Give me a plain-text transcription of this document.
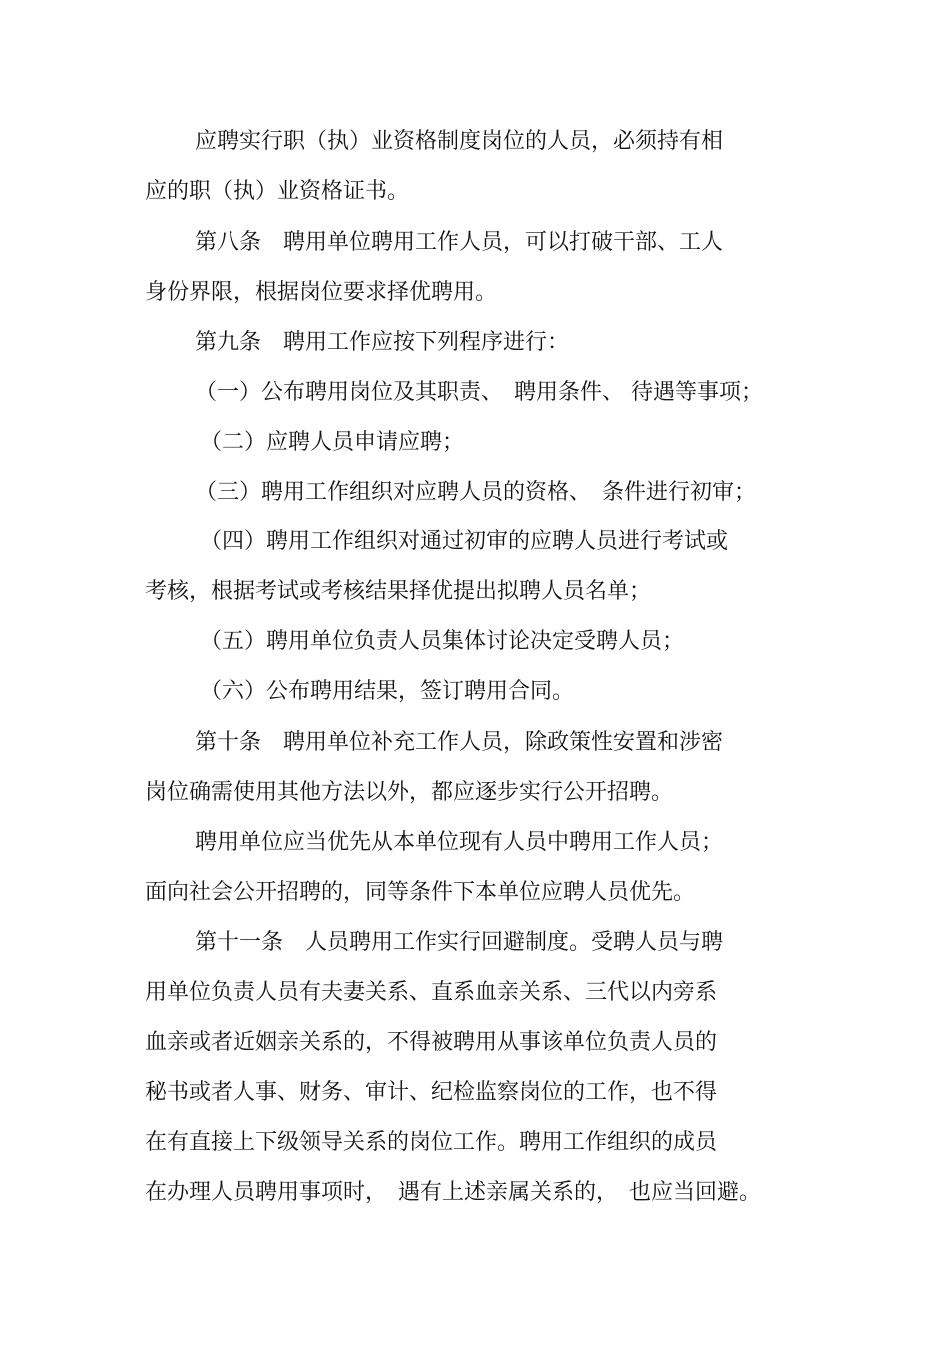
应聘实行职（执）业资格制度岗位的人员，必须持有相
应的职（执）业资格证书。
第八条　聘用单位聘用工作人员，可以打破干部、工人
身份界限，根据岗位要求择优聘用。
第九条　聘用工作应按下列程序进行：
（一）公布聘用岗位及其职责、　聘用条件、 待遇等事项；
（二）应聘人员申请应聘；
（三）聘用工作组织对应聘人员的资格、　条件进行初审；
（四）聘用工作组织对通过初审的应聘人员进行考试或
考核，根据考试或考核结果择优提出拟聘人员名单；
（五）聘用单位负责人员集体讨论决定受聘人员；
（六）公布聘用结果，签订聘用合同。
第十条　聘用单位补充工作人员，除政策性安置和涉密
岗位确需使用其他方法以外，都应逐步实行公开招聘。
聘用单位应当优先从本单位现有人员中聘用工作人员；
面向社会公开招聘的，同等条件下本单位应聘人员优先。
第十一条　人员聘用工作实行回避制度。受聘人员与聘
用单位负责人员有夫妻关系、直系血亲关系、三代以内旁系
血亲或者近姻亲关系的，不得被聘用从事该单位负责人员的
秘书或者人事、财务、审计、纪检监察岗位的工作，也不得
在有直接上下级领导关系的岗位工作。聘用工作组织的成员
在办理人员聘用事项时，　遇有上述亲属关系的，　也应当回避。
